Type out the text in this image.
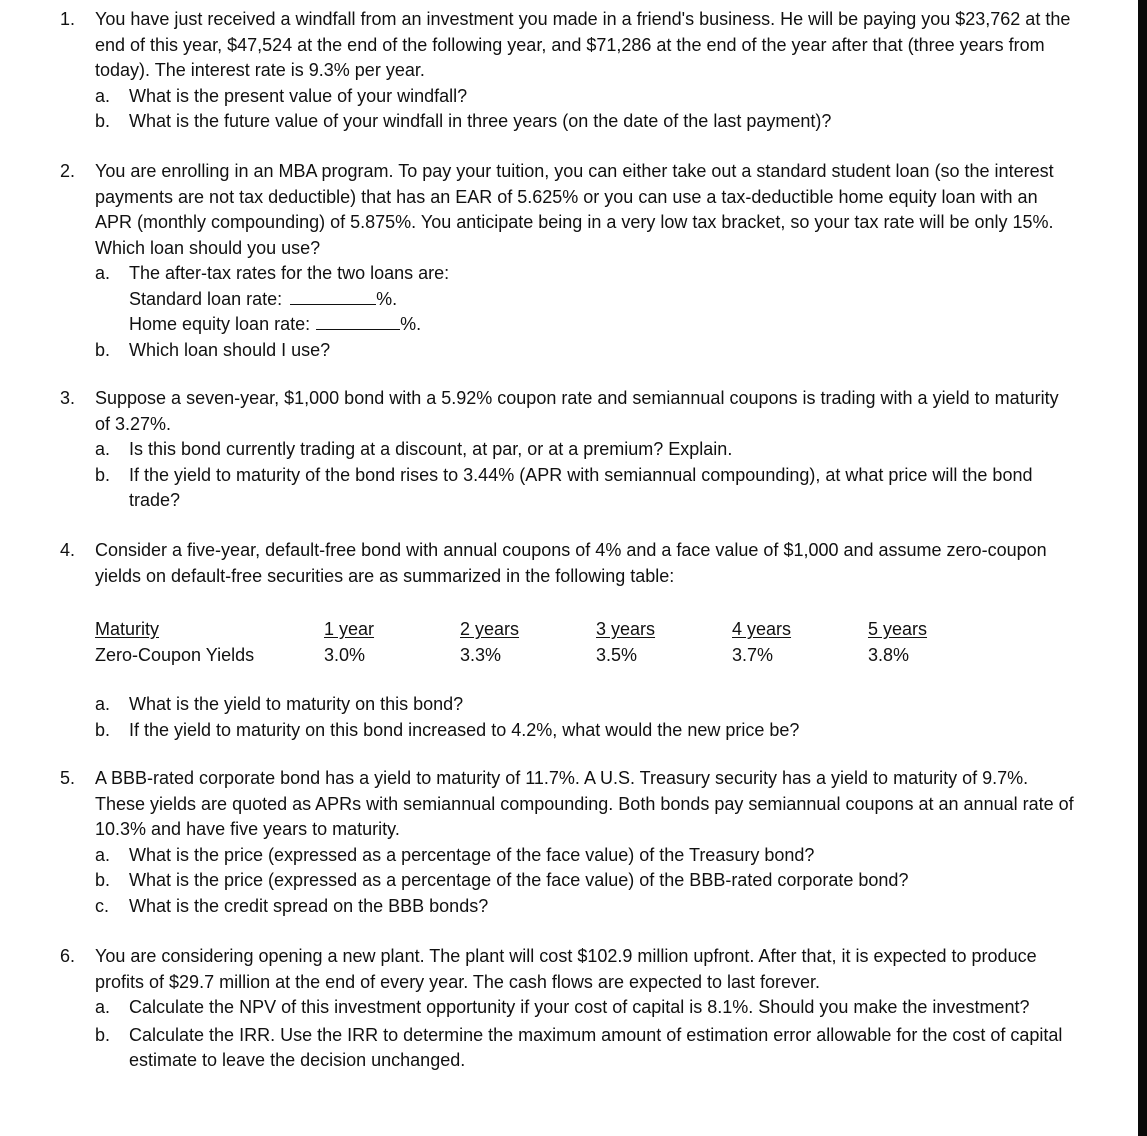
1.	You have just received a windfall from an investment you made in a friend's business. He will be paying you $23,762 at the end of this year, $47,524 at the end of the following year, and $71,286 at the end of the year after that (three years from today). The interest rate is 9.3% per year.
a. What is the present value of your windfall?
b. What is the future value of your windfall in three years (on the date of the last payment)?
2.	You are enrolling in an MBA program. To pay your tuition, you can either take out a standard student loan (so the interest payments are not tax deductible) that has an EAR of 5.625% or you can use a tax-deductible home equity loan with an APR (monthly compounding) of 5.875%. You anticipate being in a very low tax bracket, so your tax rate will be only 15%. Which loan should you use?
a. The after-tax rates for the two loans are:
Standard loan rate:	%.
Home equity loan rate:	%.
b. Which loan should I use?
3.	Suppose a seven-year, $1,000 bond with a 5.92% coupon rate and semiannual coupons is trading with a yield to maturity of 3.27%.
a. Is this bond currently trading at a discount, at par, or at a premium? Explain.
b. If the yield to maturity of the bond rises to 3.44% (APR with semiannual compounding), at what price will the bond trade?
4.	Consider a five-year, default-free bond with annual coupons of 4% and a face value of $1,000 and assume zero-coupon yields on default-free securities are as summarized in the following table:
Maturity	1 year	2 years	3 years	4 years	5 years
Zero-Coupon Yields	3.0%	3.3%	3.5%	3.7%	3.8%
a. What is the yield to maturity on this bond?
b. If the yield to maturity on this bond increased to 4.2%, what would the new price be?
5.	A BBB-rated corporate bond has a yield to maturity of 11.7%. A U.S. Treasury security has a yield to maturity of 9.7%. These yields are quoted as APRs with semiannual compounding. Both bonds pay semiannual coupons at an annual rate of 10.3% and have five years to maturity.
a. What is the price (expressed as a percentage of the face value) of the Treasury bond?
b. What is the price (expressed as a percentage of the face value) of the BBB-rated corporate bond?
c. What is the credit spread on the BBB bonds?
6.	You are considering opening a new plant. The plant will cost $102.9 million upfront. After that, it is expected to produce profits of $29.7 million at the end of every year. The cash flows are expected to last forever.
a. Calculate the NPV of this investment opportunity if your cost of capital is 8.1%. Should you make the investment?
b. Calculate the IRR. Use the IRR to determine the maximum amount of estimation error allowable for the cost of capital estimate to leave the decision unchanged.
